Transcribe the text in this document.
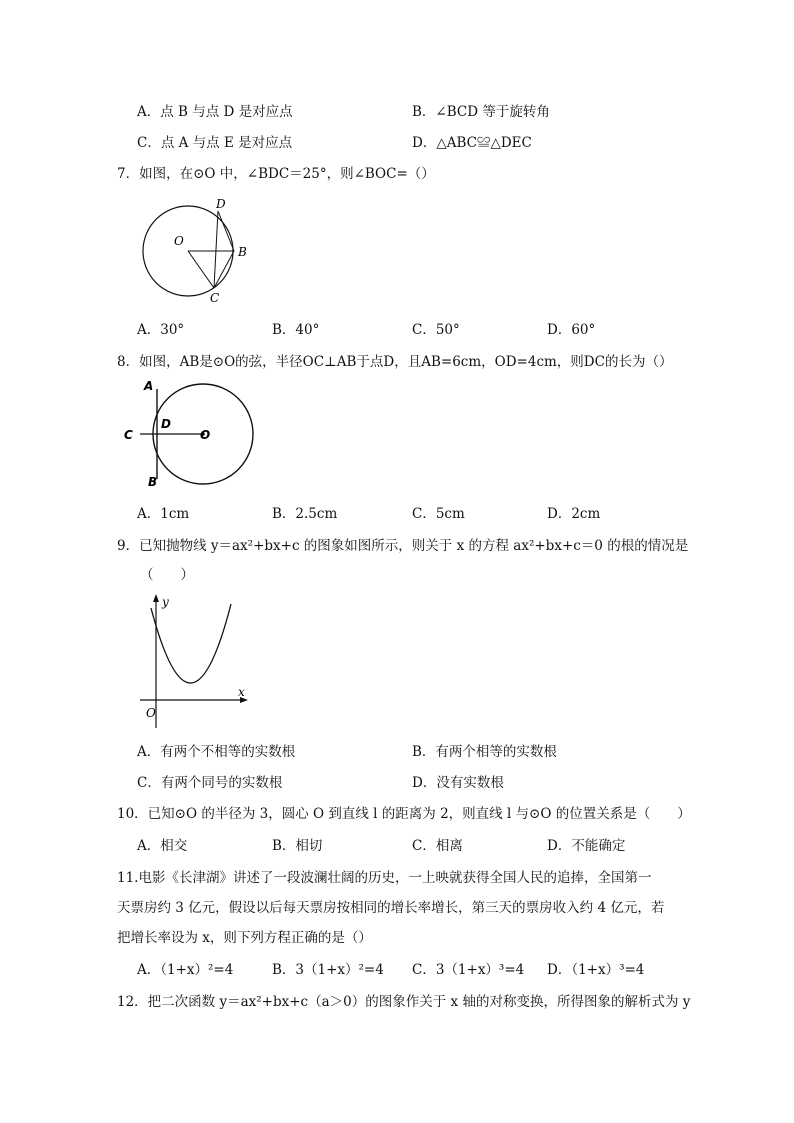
A．点 B 与点 D 是对应点	B．∠BCD 等于旋转角
C．点 A 与点 E 是对应点	D．△ABC≌△DEC
7．如图，在⊙O 中，∠BDC＝25°，则∠BOC=（）
O
D
B
C
A．30°	B．40°	C．50°	D．60°
8．如图，AB是⊙O的弦，半径OC⊥AB于点D，且AB=6cm，OD=4cm，则DC的长为（）
A
B
C
D
O
A．1cm	B．2.5cm	C．5cm	D．2cm
9．已知抛物线 y＝ax²+bx+c 的图象如图所示，则关于 x 的方程 ax²+bx+c＝0 的根的情况是
（　　）
y
x
O
A．有两个不相等的实数根	B．有两个相等的实数根
C．有两个同号的实数根	D．没有实数根
10．已知⊙O 的半径为 3，圆心 O 到直线 l 的距离为 2，则直线 l 与⊙O 的位置关系是（　　）
A．相交	B．相切	C．相离	D．不能确定
11.电影《长津湖》讲述了一段波澜壮阔的历史，一上映就获得全国人民的追捧，全国第一
天票房约 3 亿元，假设以后每天票房按相同的增长率增长，第三天的票房收入约 4 亿元，若
把增长率设为 x，则下列方程正确的是（）
A．（1+x）²=4	B．3（1+x）²=4 C．3（1+x）³=4 D．（1+x）³=4
12．把二次函数 y＝ax²+bx+c（a＞0）的图象作关于 x 轴的对称变换，所得图象的解析式为 y
